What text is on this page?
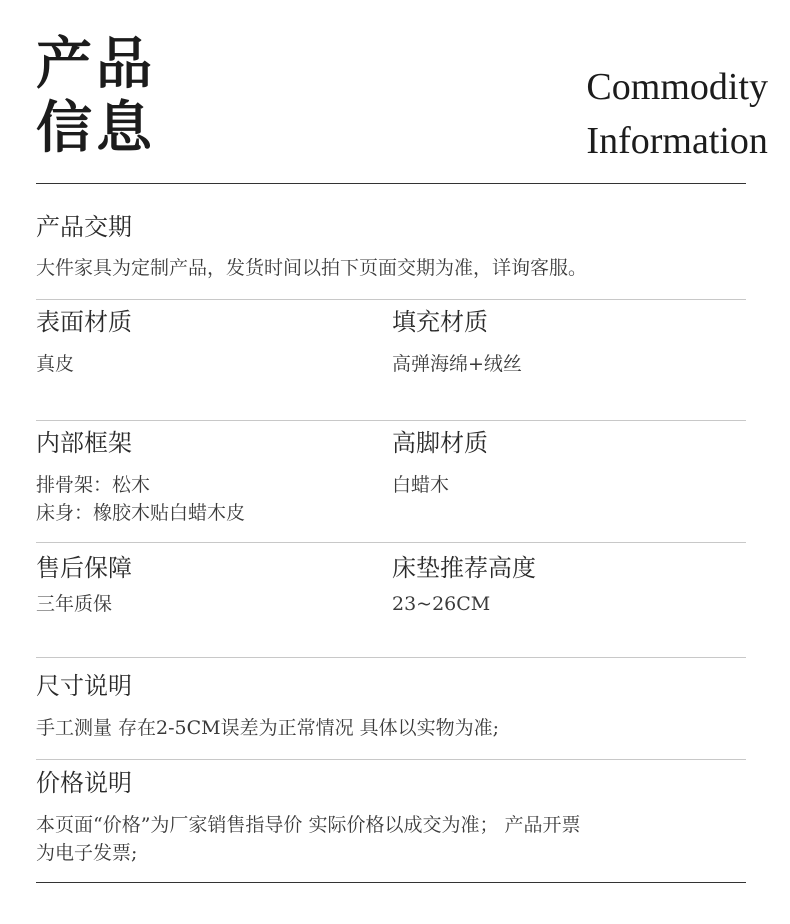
产品
信息
Commodity
Information
产品交期
大件家具为定制产品，发货时间以拍下页面交期为准，详询客服。
表面材质
真皮
填充材质
高弹海绵+绒丝
内部框架
排骨架：松木
床身：橡胶木贴白蜡木皮
高脚材质
白蜡木
售后保障
三年质保
床垫推荐高度
23~26CM
尺寸说明
手工测量 存在2-5CM误差为正常情况 具体以实物为准;
价格说明
本页面“价格”为厂家销售指导价 实际价格以成交为准； 产品开票
为电子发票;
